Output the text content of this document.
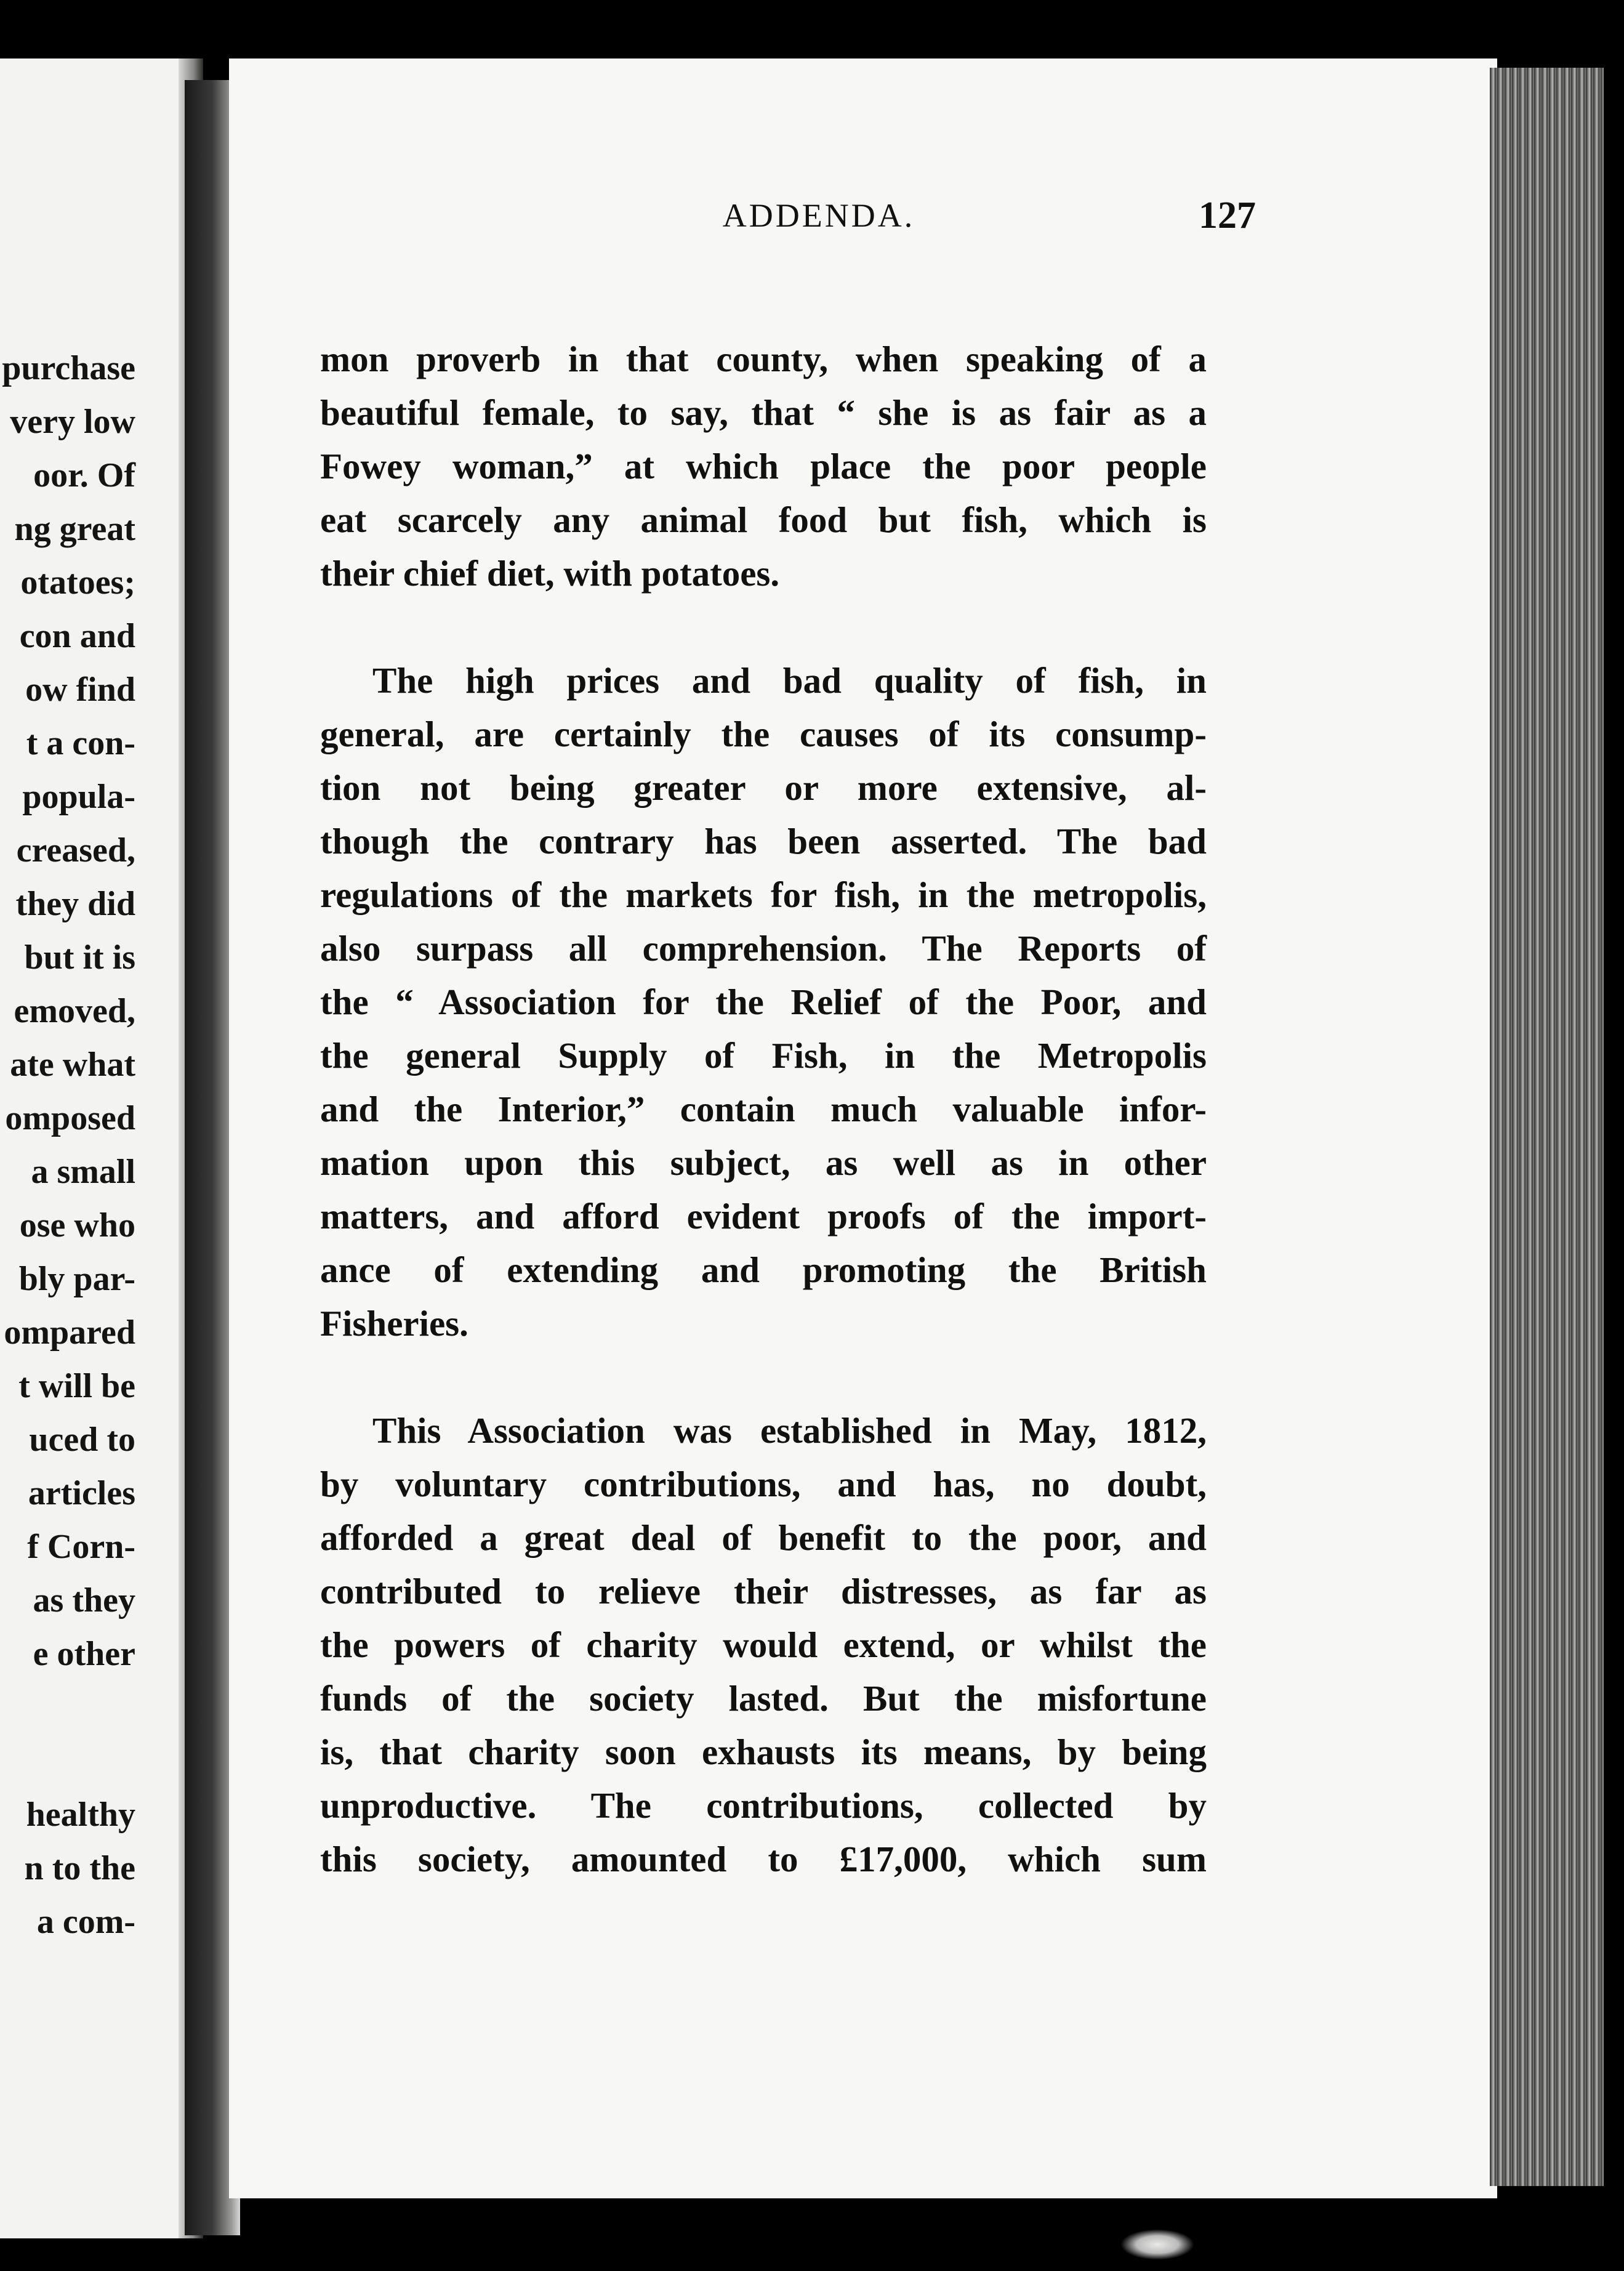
purchase
very low
oor. Of
ng great
otatoes;
con and
ow find
t a con-
popula-
creased,
they did
but it is
emoved,
ate what
omposed
a small
ose who
bly par-
ompared
t will be
uced to
articles
f Corn-
as they
e other
healthy
n to the
a com-
ADDENDA.	127
mon proverb in that county, when speaking of a
beautiful female, to say, that “ she is as fair as a
Fowey woman,” at which place the poor people
eat scarcely any animal food but fish, which is
their chief diet, with potatoes.
The high prices and bad quality of fish, in
general, are certainly the causes of its consump-
tion not being greater or more extensive, al-
though the contrary has been asserted. The bad
regulations of the markets for fish, in the metropolis,
also surpass all comprehension. The Reports of
the “ Association for the Relief of the Poor, and
the general Supply of Fish, in the Metropolis
and the Interior,” contain much valuable infor-
mation upon this subject, as well as in other
matters, and afford evident proofs of the import-
ance of extending and promoting the British
Fisheries.
This Association was established in May, 1812,
by voluntary contributions, and has, no doubt,
afforded a great deal of benefit to the poor, and
contributed to relieve their distresses, as far as
the powers of charity would extend, or whilst the
funds of the society lasted. But the misfortune
is, that charity soon exhausts its means, by being
unproductive. The contributions, collected by
this society, amounted to £17,000, which sum
